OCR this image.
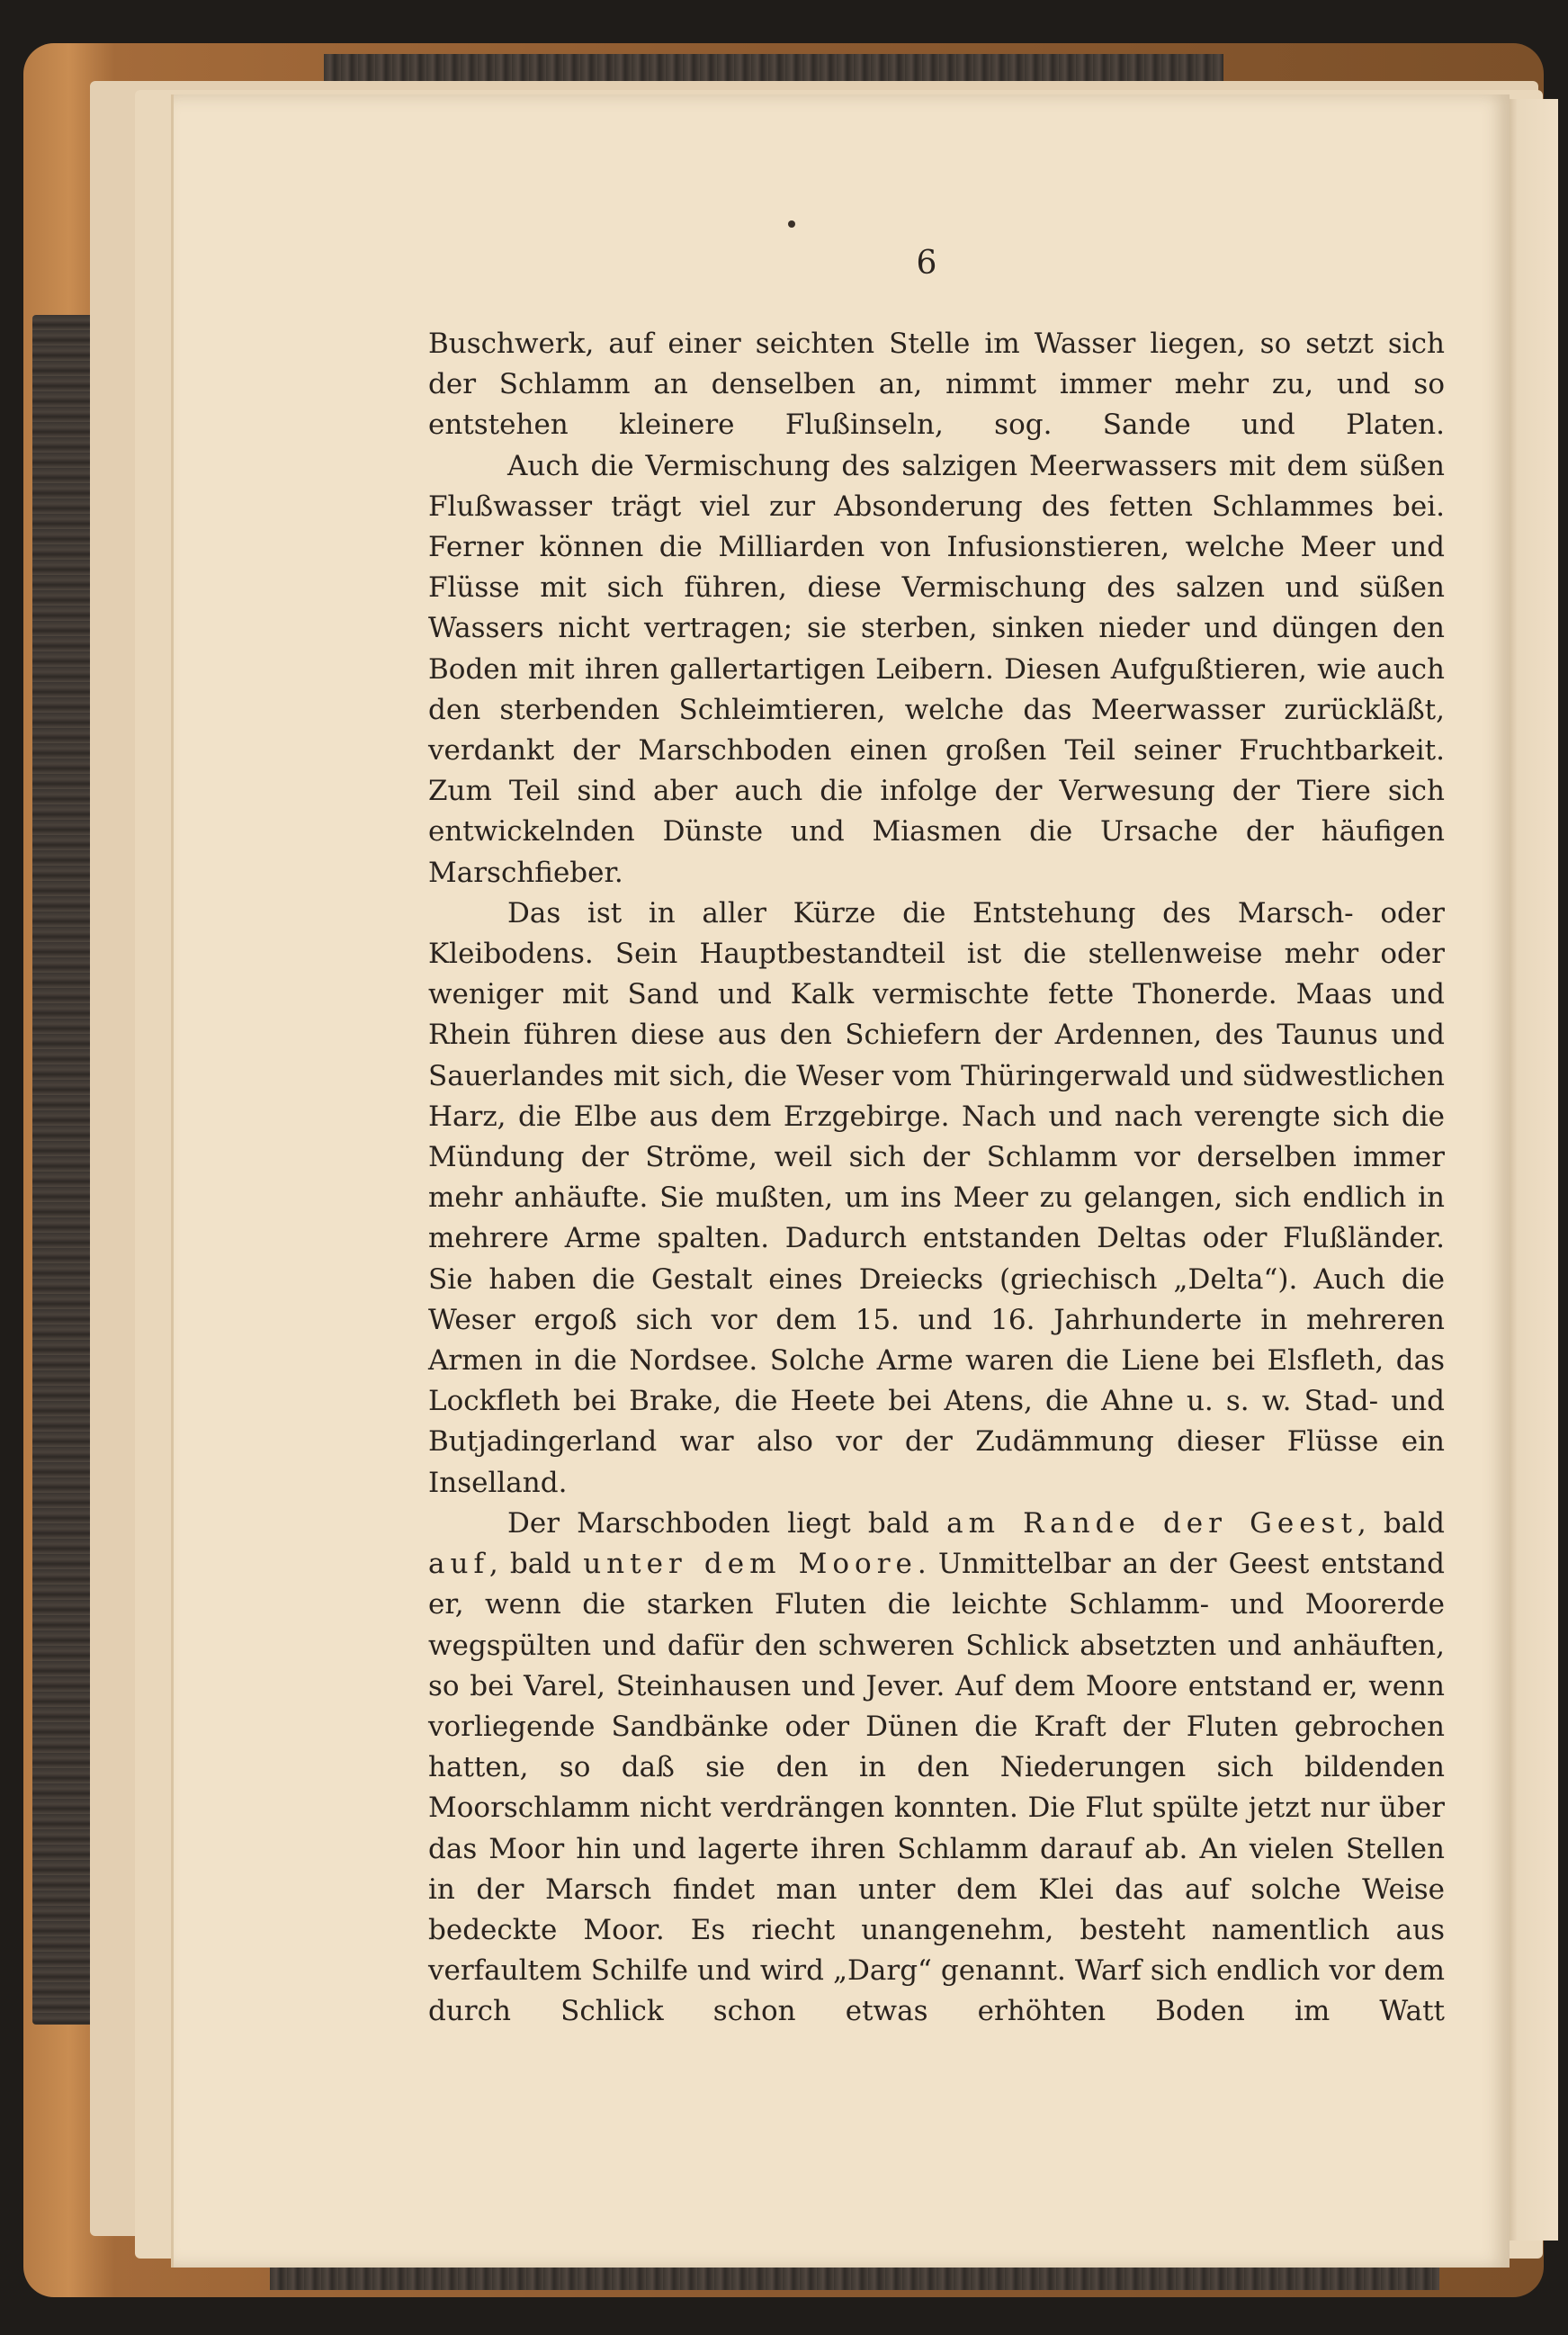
6

Buschwerk, auf einer seichten Stelle im Wasser liegen, so setzt sich der Schlamm an denselben an, nimmt immer mehr zu, und so entstehen kleinere Flußinseln, sog. Sande und Platen.

Auch die Vermischung des salzigen Meerwassers mit dem süßen Flußwasser trägt viel zur Absonderung des fetten Schlammes bei. Ferner können die Milliarden von Infusionstieren, welche Meer und Flüsse mit sich führen, diese Vermischung des salzen und süßen Wassers nicht vertragen; sie sterben, sinken nieder und düngen den Boden mit ihren gallertartigen Leibern. Diesen Aufgußtieren, wie auch den sterbenden Schleimtieren, welche das Meerwasser zurückläßt, verdankt der Marschboden einen großen Teil seiner Fruchtbarkeit. Zum Teil sind aber auch die infolge der Verwesung der Tiere sich entwickelnden Dünste und Miasmen die Ursache der häufigen Marschfieber.

Das ist in aller Kürze die Entstehung des Marsch- oder Kleibodens. Sein Hauptbestandteil ist die stellenweise mehr oder weniger mit Sand und Kalk vermischte fette Thonerde. Maas und Rhein führen diese aus den Schiefern der Ardennen, des Taunus und Sauerlandes mit sich, die Weser vom Thüringerwald und südwestlichen Harz, die Elbe aus dem Erzgebirge. Nach und nach verengte sich die Mündung der Ströme, weil sich der Schlamm vor derselben immer mehr anhäufte. Sie mußten, um ins Meer zu gelangen, sich endlich in mehrere Arme spalten. Dadurch entstanden Deltas oder Flußländer. Sie haben die Gestalt eines Dreiecks (griechisch „Delta“). Auch die Weser ergoß sich vor dem 15. und 16. Jahrhunderte in mehreren Armen in die Nordsee. Solche Arme waren die Liene bei Elsfleth, das Lockfleth bei Brake, die Heete bei Atens, die Ahne u. s. w. Stad- und Butjadingerland war also vor der Zudämmung dieser Flüsse ein Inselland.

Der Marschboden liegt bald am Rande der Geest, bald auf, bald unter dem Moore. Unmittelbar an der Geest entstand er, wenn die starken Fluten die leichte Schlamm- und Moorerde wegspülten und dafür den schweren Schlick absetzten und anhäuften, so bei Varel, Steinhausen und Jever. Auf dem Moore entstand er, wenn vorliegende Sandbänke oder Dünen die Kraft der Fluten gebrochen hatten, so daß sie den in den Niederungen sich bildenden Moorschlamm nicht verdrängen konnten. Die Flut spülte jetzt nur über das Moor hin und lagerte ihren Schlamm darauf ab. An vielen Stellen in der Marsch findet man unter dem Klei das auf solche Weise bedeckte Moor. Es riecht unangenehm, besteht namentlich aus verfaultem Schilfe und wird „Darg“ genannt. Warf sich endlich vor dem durch Schlick schon etwas erhöhten Boden im Watt
